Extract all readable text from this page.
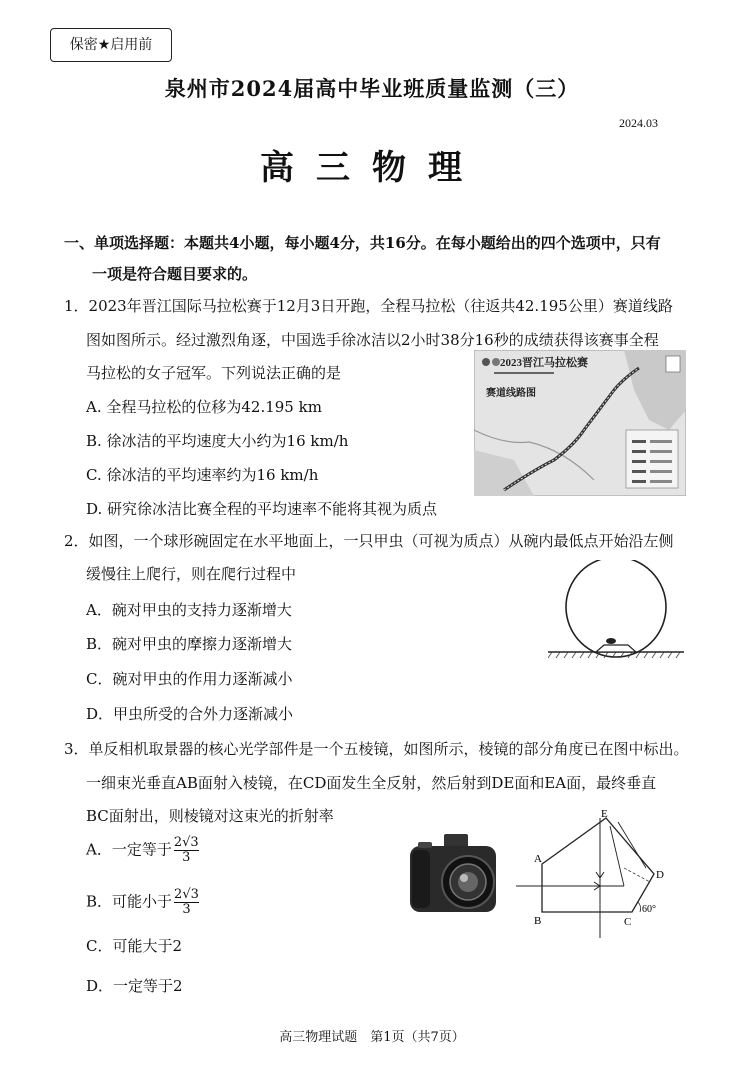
保密★启用前
泉州市2024届高中毕业班质量监测（三）
2024.03
高三物理
一、单项选择题：本题共4小题，每小题4分，共16分。在每小题给出的四个选项中，只有
一项是符合题目要求的。
1．2023年晋江国际马拉松赛于12月3日开跑，全程马拉松（往返共42.195公里）赛道线路
图如图所示。经过激烈角逐，中国选手徐冰洁以2小时38分16秒的成绩获得该赛事全程
马拉松的女子冠军。下列说法正确的是
A. 全程马拉松的位移为42.195 km
B. 徐冰洁的平均速度大小约为16 km/h
C. 徐冰洁的平均速率约为16 km/h
D. 研究徐冰洁比赛全程的平均速率不能将其视为质点
2023晋江马拉松赛
赛道线路图
2．如图，一个球形碗固定在水平地面上，一只甲虫（可视为质点）从碗内最低点开始沿左侧
缓慢往上爬行，则在爬行过程中
A．碗对甲虫的支持力逐渐增大
B．碗对甲虫的摩擦力逐渐增大
C．碗对甲虫的作用力逐渐减小
D．甲虫所受的合外力逐渐减小
3．单反相机取景器的核心光学部件是一个五棱镜，如图所示，棱镜的部分角度已在图中标出。
一细束光垂直AB面射入棱镜，在CD面发生全反射，然后射到DE面和EA面，最终垂直
BC面射出，则棱镜对这束光的折射率
A．一定等于 $\frac{2√3}{3}$
B．可能小于 $\frac{2√3}{3}$
C．可能大于2
D．一定等于2
E
A
D
B	C
60°
高三物理试题　第1页（共7页）
